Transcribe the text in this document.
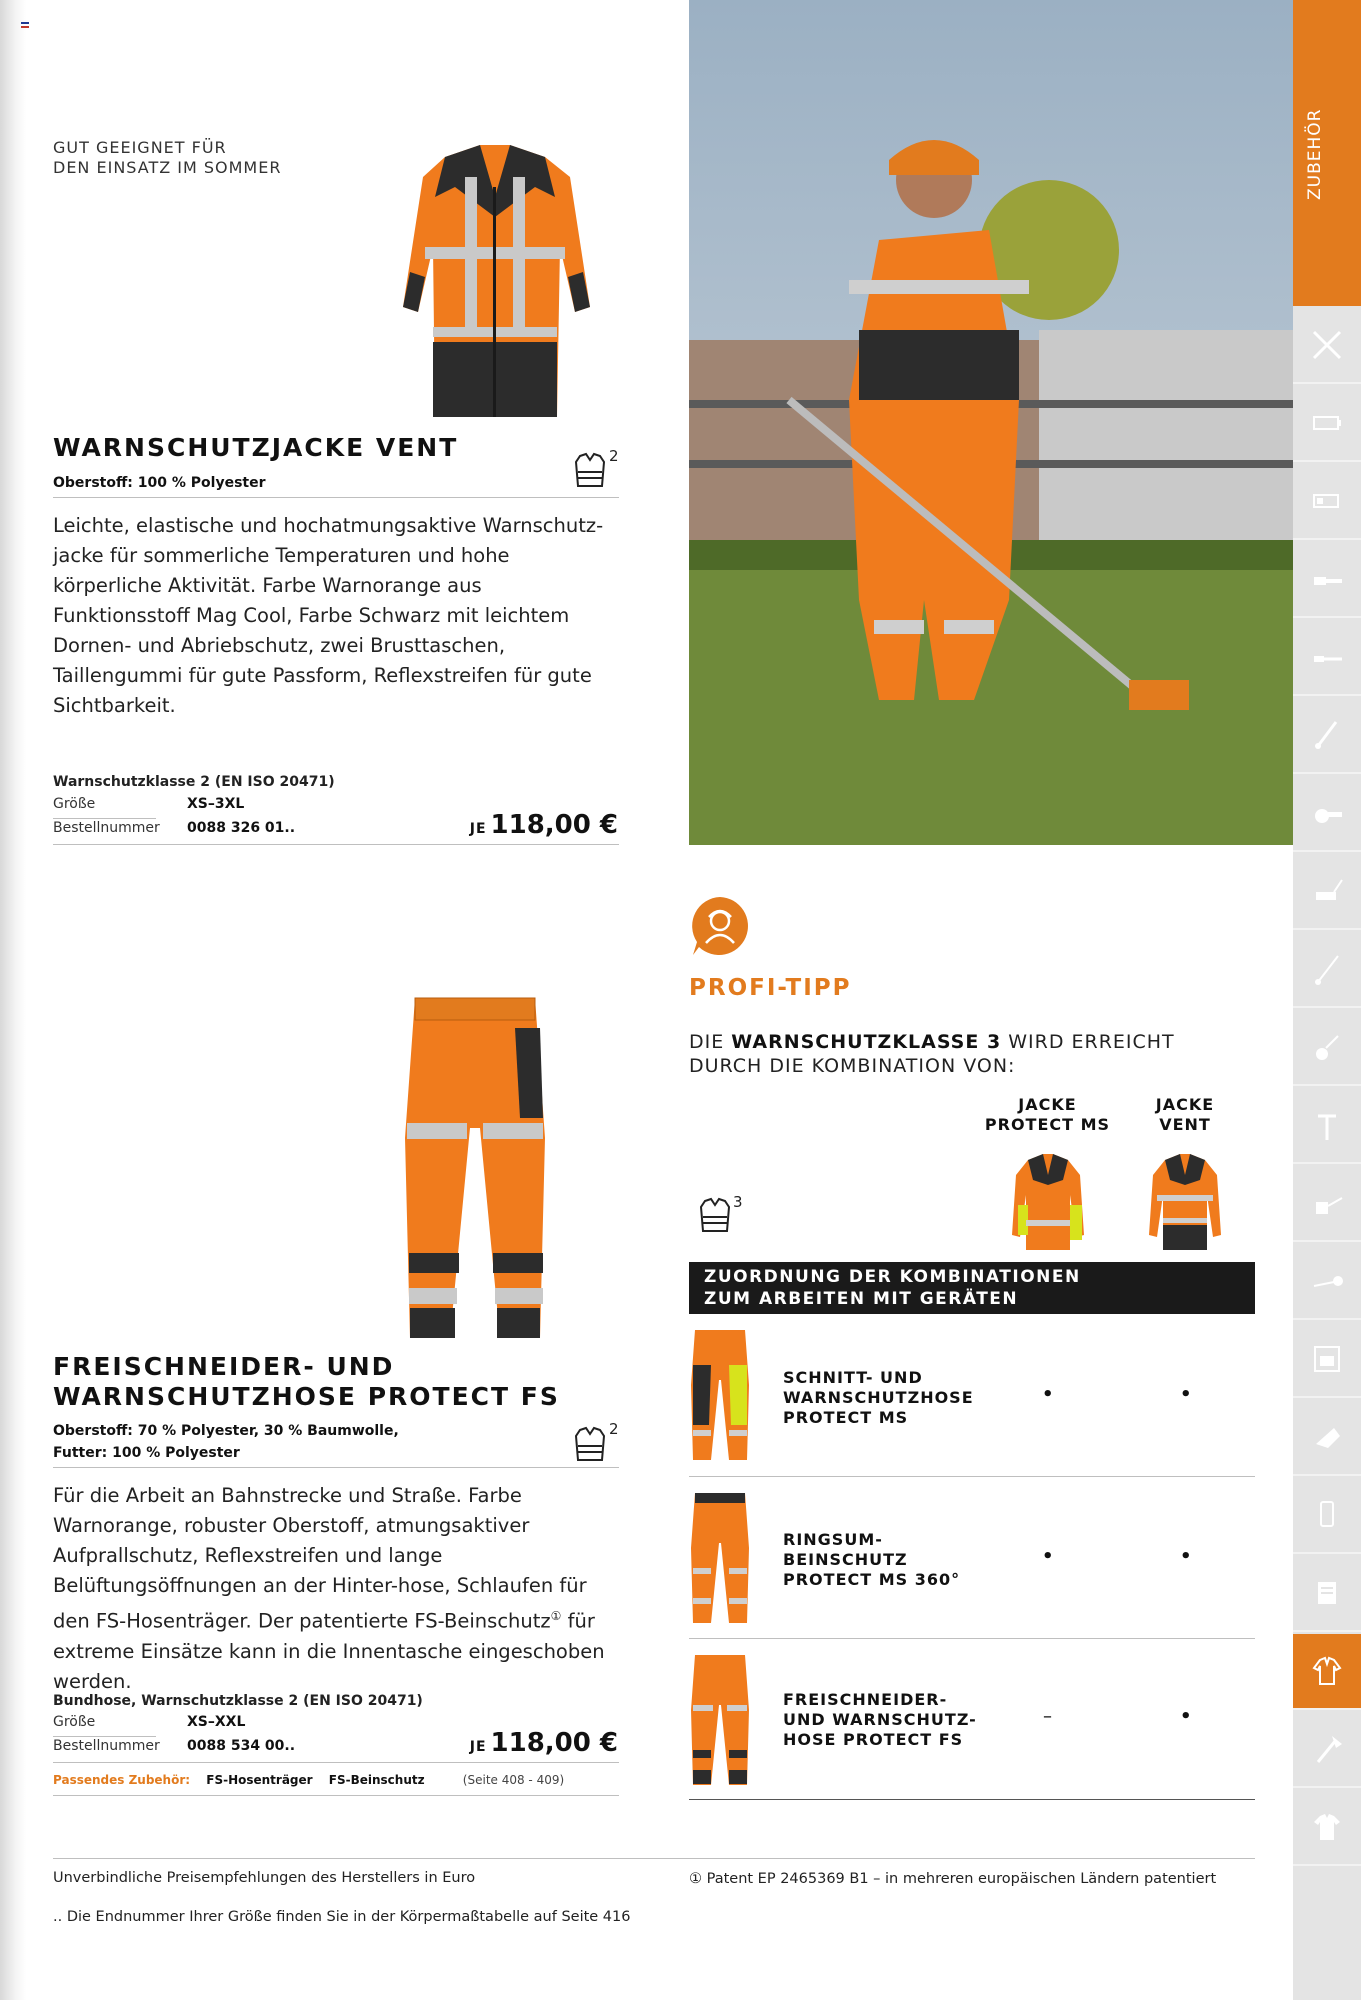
GUT GEEIGNET FÜR
DEN EINSATZ IM SOMMER
WARNSCHUTZJACKE VENT
Oberstoff: 100 % Polyester
2
Leichte, elastische und hochatmungsaktive Warnschutz-jacke für sommerliche Temperaturen und hohe körperliche Aktivität. Farbe Warnorange aus Funktionsstoff Mag Cool, Farbe Schwarz mit leichtem Dornen- und Abriebschutz, zwei Brusttaschen, Taillengummi für gute Passform, Reflexstreifen für gute Sichtbarkeit.
Warnschutzklasse 2 (EN ISO 20471)
Größe	XS–3XL
Bestellnummer 0088 326 01..	JE 118,00 €
FREISCHNEIDER- UND
WARNSCHUTZHOSE PROTECT FS
Oberstoff: 70 % Polyester, 30 % Baumwolle,
Futter: 100 % Polyester
2
Für die Arbeit an Bahnstrecke und Straße. Farbe Warnorange, robuster Oberstoff, atmungsaktiver Aufprallschutz, Reflexstreifen und lange Belüftungsöffnungen an der Hinter-hose, Schlaufen für den FS-Hosenträger. Der patentierte FS-Beinschutz① für extreme Einsätze kann in die Innentasche eingeschoben werden.
Bundhose, Warnschutzklasse 2 (EN ISO 20471)
Größe	XS–XXL
Bestellnummer 0088 534 00..	JE 118,00 €
Passendes Zubehör: FS-Hosenträger FS-Beinschutz	(Seite 408 - 409)
PROFI-TIPP
DIE WARNSCHUTZKLASSE 3 WIRD ERREICHT DURCH DIE KOMBINATION VON:
JACKE
PROTECT MS
JACKE
VENT
3
ZUORDNUNG DER KOMBINATIONEN
ZUM ARBEITEN MIT GERÄTEN
SCHNITT- UND
WARNSCHUTZHOSE
PROTECT MS
•	•
RINGSUM-
BEINSCHUTZ
PROTECT MS 360°
•	•
FREISCHNEIDER-
UND WARNSCHUTZ-
HOSE PROTECT FS
–	•
Unverbindliche Preisempfehlungen des Herstellers in Euro
.. Die Endnummer Ihrer Größe finden Sie in der Körpermaßtabelle auf Seite 416
① Patent EP 2465369 B1 – in mehreren europäischen Ländern patentiert
ZUBEHÖR
